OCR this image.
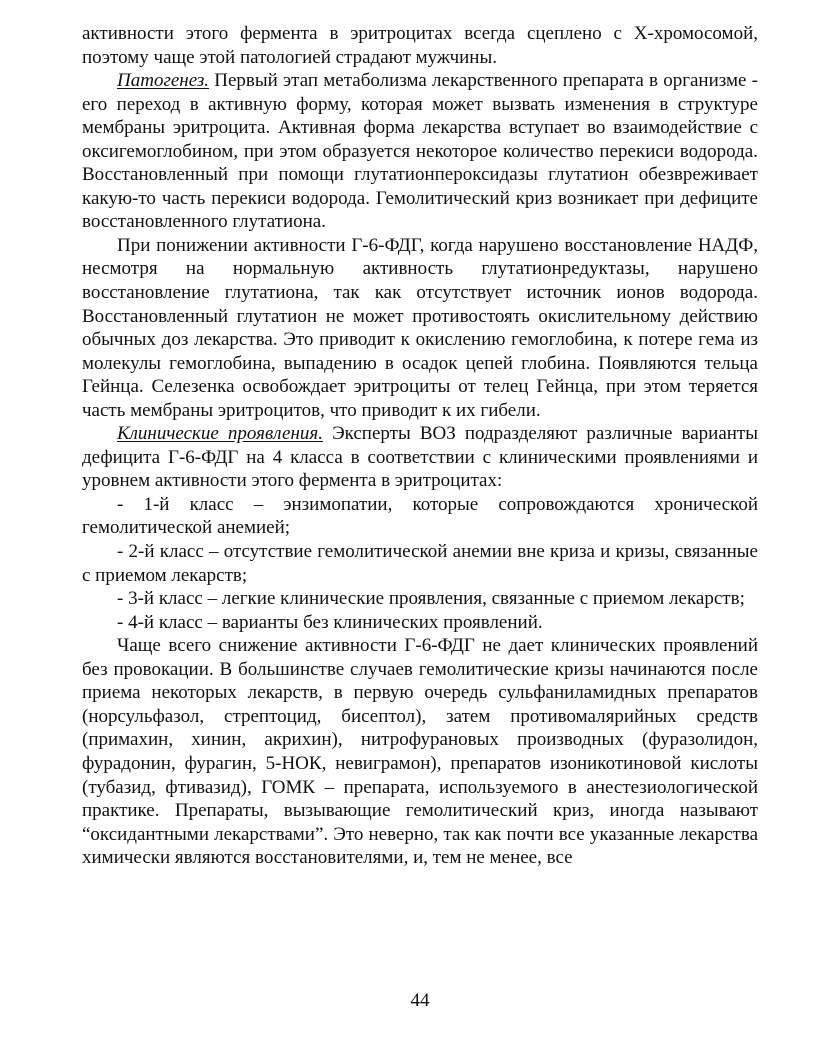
активности этого фермента в эритроцитах всегда сцеплено с Х-хромосомой, поэтому чаще этой патологией страдают мужчины.

Патогенез. Первый этап метаболизма лекарственного препарата в организме - его переход в активную форму, которая может вызвать изменения в структуре мембраны эритроцита. Активная форма лекарства вступает во взаимодействие с оксигемоглобином, при этом образуется некоторое количество перекиси водорода. Восстановленный при помощи глутатионпероксидазы глутатион обезвреживает какую-то часть перекиси водорода. Гемолитический криз возникает при дефиците восстановленного глутатиона.

При понижении активности Г-6-ФДГ, когда нарушено восстановление НАДФ, несмотря на нормальную активность глутатионредуктазы, нарушено восстановление глутатиона, так как отсутствует источник ионов водорода. Восстановленный глутатион не может противостоять окислительному действию обычных доз лекарства. Это приводит к окислению гемоглобина, к потере гема из молекулы гемоглобина, выпадению в осадок цепей глобина. Появляются тельца Гейнца. Селезенка освобождает эритроциты от телец Гейнца, при этом теряется часть мембраны эритроцитов, что приводит к их гибели.

Клинические проявления. Эксперты ВОЗ подразделяют различные варианты дефицита Г-6-ФДГ на 4 класса в соответствии с клиническими проявлениями и уровнем активности этого фермента в эритроцитах:

- 1-й класс – энзимопатии, которые сопровождаются хронической гемолитической анемией;

- 2-й класс – отсутствие гемолитической анемии вне криза и кризы, связанные с приемом лекарств;

- 3-й класс – легкие клинические проявления, связанные с приемом лекарств;

- 4-й класс – варианты без клинических проявлений.

Чаще всего снижение активности Г-6-ФДГ не дает клинических проявлений без провокации. В большинстве случаев гемолитические кризы начинаются после приема некоторых лекарств, в первую очередь сульфаниламидных препаратов (норсульфазол, стрептоцид, бисептол), затем противомалярийных средств (примахин, хинин, акрихин), нитрофурановых производных (фуразолидон, фурадонин, фурагин, 5-НОК, невиграмон), препаратов изоникотиновой кислоты (тубазид, фтивазид), ГОМК – препарата, используемого в анестезиологической практике. Препараты, вызывающие гемолитический криз, иногда называют “оксидантными лекарствами”. Это неверно, так как почти все указанные лекарства химически являются восстановителями, и, тем не менее, все

44
